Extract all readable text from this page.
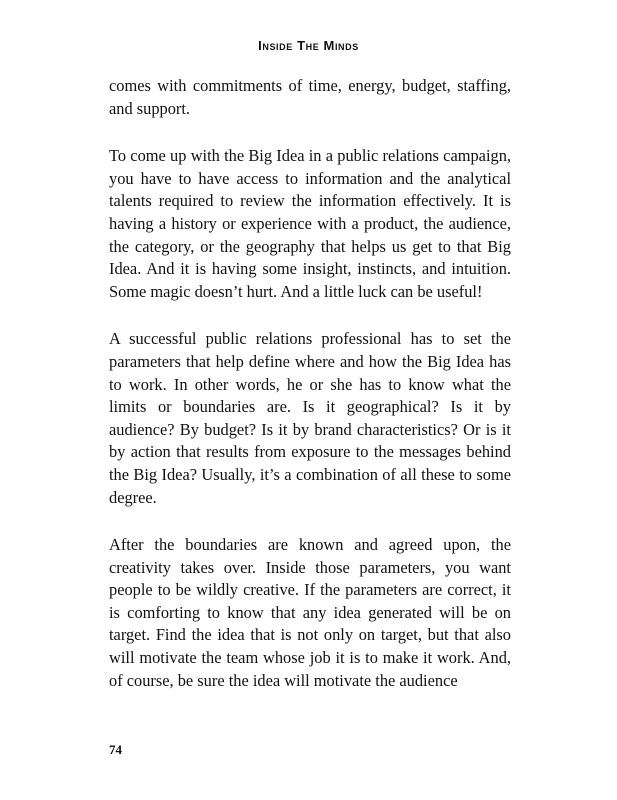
Inside The Minds

comes with commitments of time, energy, budget, staffing, and support.

To come up with the Big Idea in a public relations campaign, you have to have access to information and the analytical talents required to review the information effectively. It is having a history or experience with a product, the audience, the category, or the geography that helps us get to that Big Idea. And it is having some insight, instincts, and intuition. Some magic doesn’t hurt. And a little luck can be useful!

A successful public relations professional has to set the parameters that help define where and how the Big Idea has to work. In other words, he or she has to know what the limits or boundaries are. Is it geographical? Is it by audience? By budget? Is it by brand characteristics? Or is it by action that results from exposure to the messages behind the Big Idea? Usually, it’s a combination of all these to some degree.

After the boundaries are known and agreed upon, the creativity takes over. Inside those parameters, you want people to be wildly creative. If the parameters are correct, it is comforting to know that any idea generated will be on target. Find the idea that is not only on target, but that also will motivate the team whose job it is to make it work. And, of course, be sure the idea will motivate the audience

74
